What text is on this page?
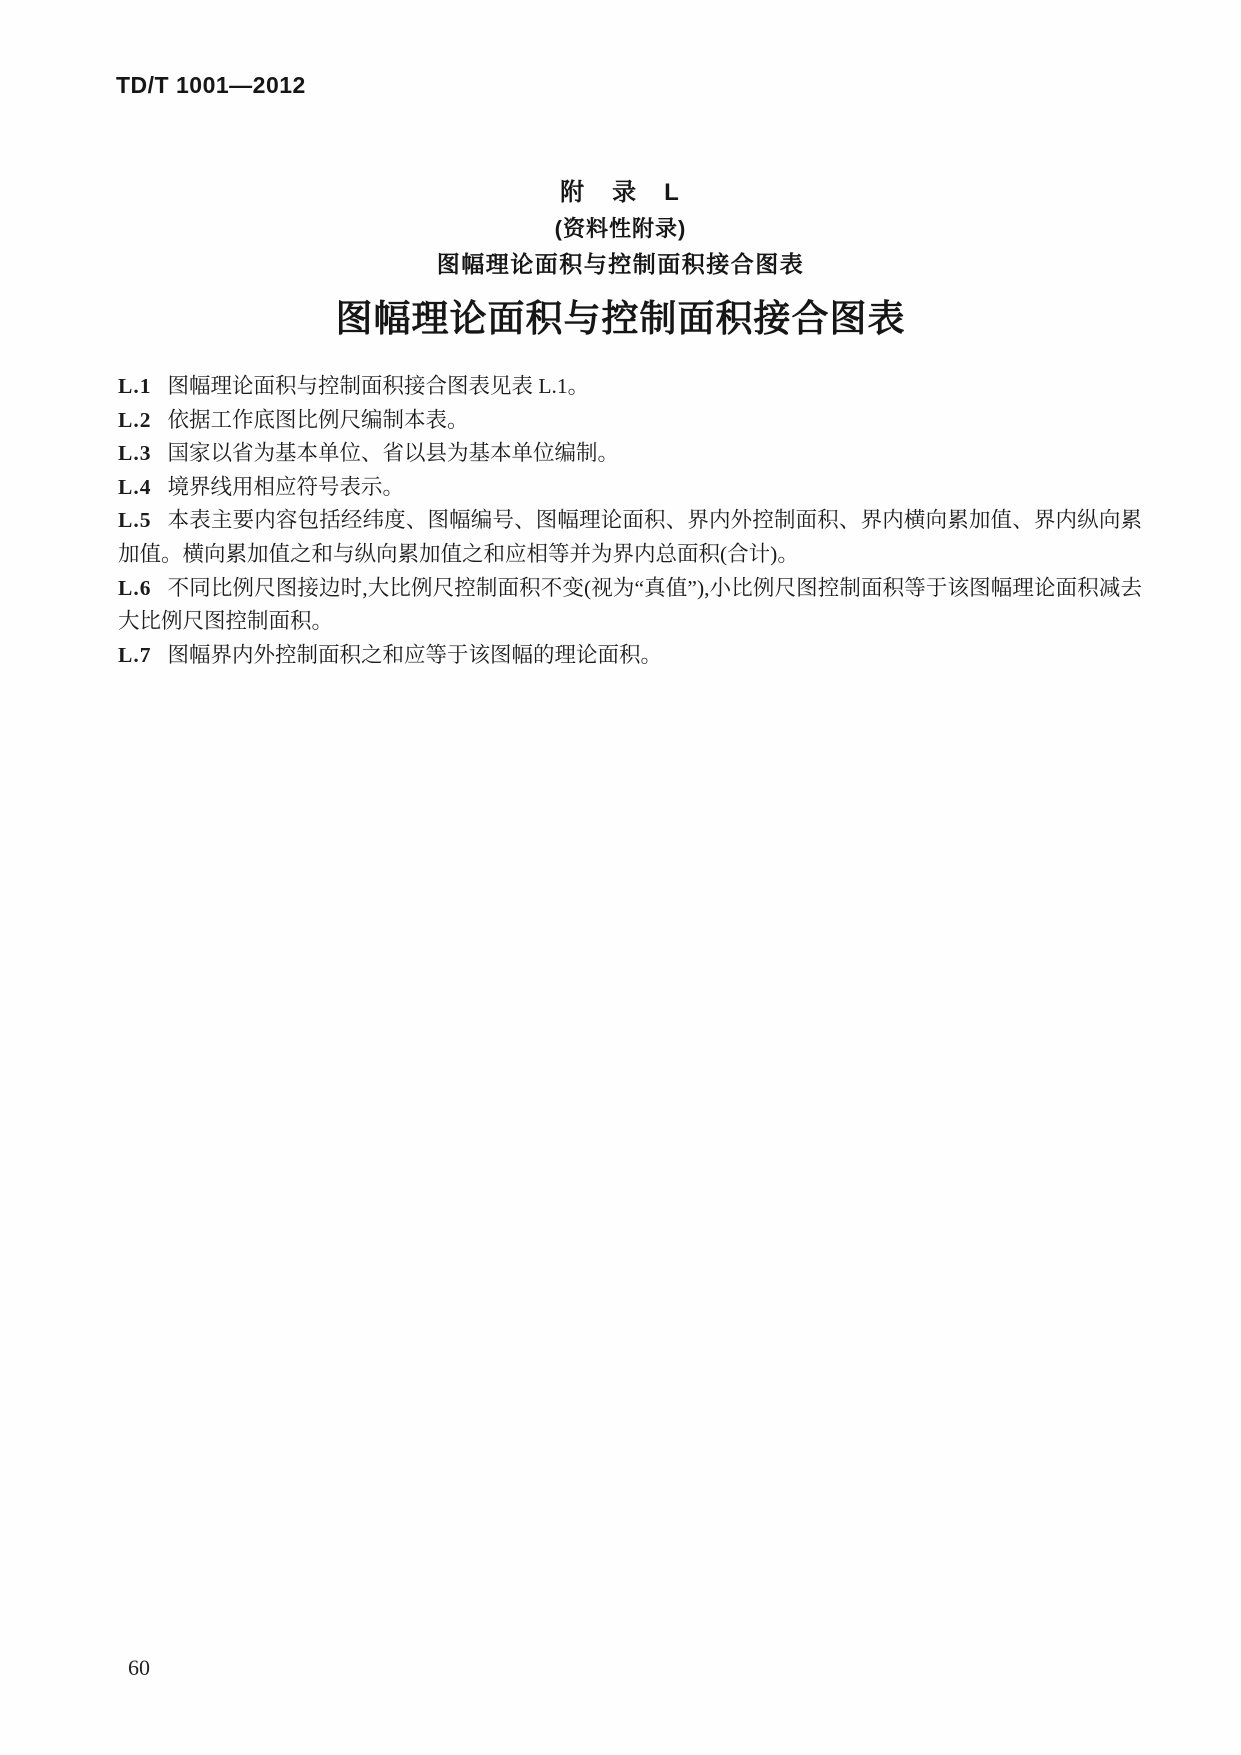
TD/T 1001—2012
附　录　L
(资料性附录)
图幅理论面积与控制面积接合图表
图幅理论面积与控制面积接合图表

L.1 图幅理论面积与控制面积接合图表见表 L.1。

L.2 依据工作底图比例尺编制本表。

L.3 国家以省为基本单位、省以县为基本单位编制。

L.4 境界线用相应符号表示。

L.5 本表主要内容包括经纬度、图幅编号、图幅理论面积、界内外控制面积、界内横向累加值、界内纵向累加值。横向累加值之和与纵向累加值之和应相等并为界内总面积(合计)。

L.6 不同比例尺图接边时,大比例尺控制面积不变(视为“真值”),小比例尺图控制面积等于该图幅理论面积减去大比例尺图控制面积。

L.7 图幅界内外控制面积之和应等于该图幅的理论面积。

60
